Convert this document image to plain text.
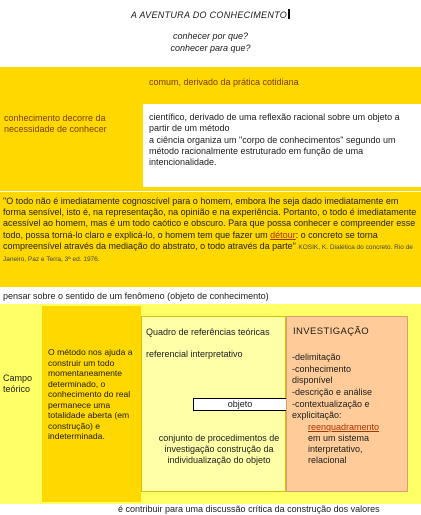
A AVENTURA DO CONHECIMENTO
conhecer por que?
conhecer para que?
conhecimento decorre da necessidade de conhecer
comum, derivado da prática cotidiana
científico, derivado de uma reflexão racional sobre um objeto a partir de um método
a ciência organiza um "corpo de conhecimentos" segundo um método racionalmente estruturado em função de uma intencionalidade.
"O todo não é imediatamente cognoscível para o homem, embora lhe seja dado imediatamente em forma sensível, isto é, na representação, na opinião e na experiência. Portanto, o todo é imediatamente acessível ao homem, mas é um todo caótico e obscuro. Para que possa conhecer e compreender esse todo, possa torná-lo claro e explicá-lo, o homem tem que fazer um détour: o concreto se torna compreensível através da mediação do abstrato, o todo através da parte" KOSIK, K. Dialética do concreto. Rio de Janeiro, Paz e Terra, 3ª ed. 1976.
pensar sobre o sentido de um fenômeno (objeto de conhecimento)
Campo teórico
O método nos ajuda a construir um todo momentaneamente determinado, o conhecimento do real permanece uma totalidade aberta (em construção) e indeterminada.
Quadro de referências teóricas
referencial interpretativo
conjunto de procedimentos de investigação construção da individualização do objeto
objeto
INVESTIGAÇÃO
-delimitação
-conhecimento disponível
-descrição e análise
-contextualização e explicitação:
reenquadramento
em um sistema interpretativo, relacional
é contribuir para uma discussão crítica da construção dos valores
